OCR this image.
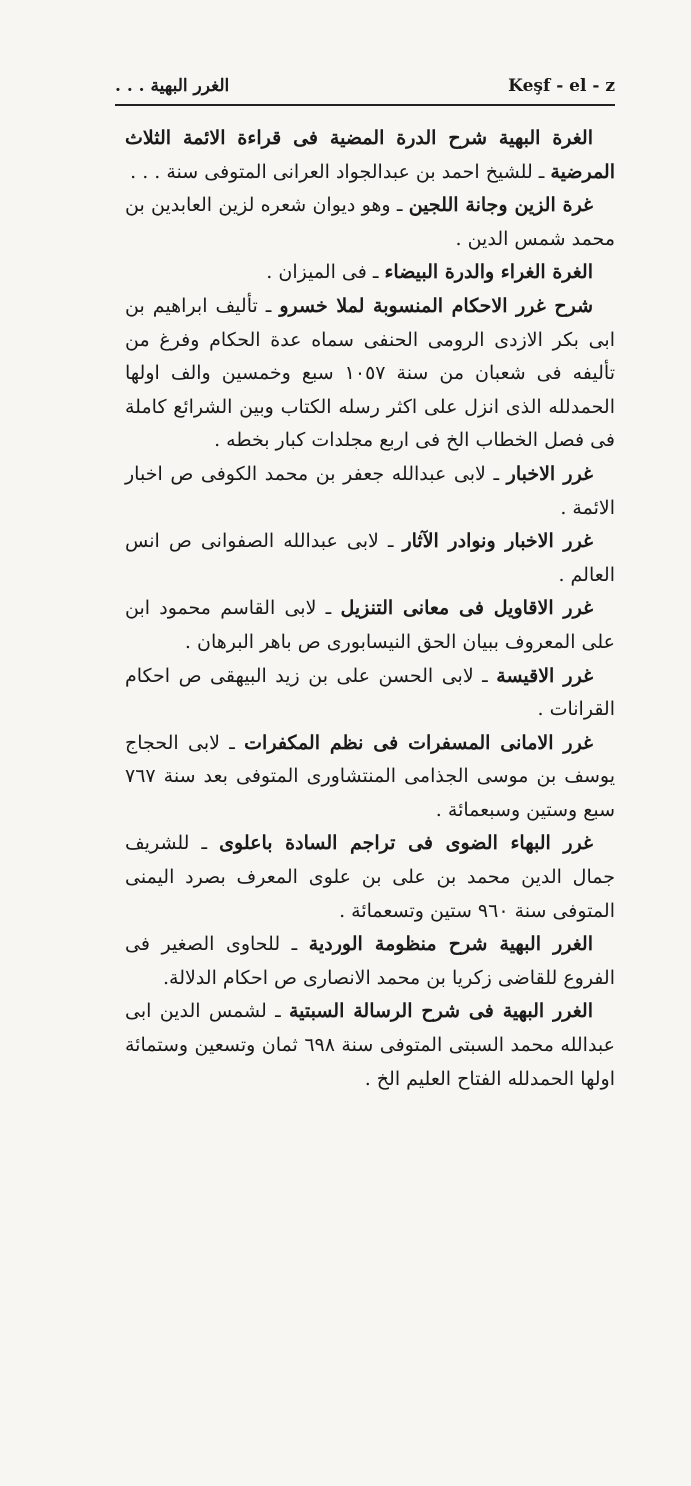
الغرر البهية . . .	Keşf - el - z

الغرة البهية شرح الدرة المضية فى قراءة الائمة الثلاث المرضية ـ للشيخ احمد بن عبدالجواد العرانى المتوفى سنة . . .

غرة الزين وجانة اللجين ـ وهو ديوان شعره لزين العابدين بن محمد شمس الدين .

الغرة الغراء والدرة البيضاء ـ فى الميزان .

شرح غرر الاحكام المنسوبة لملا خسرو ـ تأليف ابراهيم بن ابى بكر الازدى الرومى الحنفى سماه عدة الحكام وفرغ من تأليفه فى شعبان من سنة ١٠٥٧ سبع وخمسين والف اولها الحمدلله الذى انزل على اكثر رسله الكتاب وبين الشرائع كاملة فى فصل الخطاب الخ فى اربع مجلدات كبار بخطه .

غرر الاخبار ـ لابى عبدالله جعفر بن محمد الكوفى ص اخبار الائمة .

غرر الاخبار ونوادر الآثار ـ لابى عبدالله الصفوانى ص انس العالم .

غرر الاقاويل فى معانى التنزيل ـ لابى القاسم محمود ابن على المعروف ببيان الحق النيسابورى ص باهر البرهان .

غرر الاقيسة ـ لابى الحسن على بن زيد البيهقى ص احكام القرانات .

غرر الامانى المسفرات فى نظم المكفرات ـ لابى الحجاج يوسف بن موسى الجذامى المنتشاورى المتوفى بعد سنة ٧٦٧ سبع وستين وسبعمائة .

غرر البهاء الضوى فى تراجم السادة باعلوى ـ للشريف جمال الدين محمد بن على بن علوى المعرف بصرد اليمنى المتوفى سنة ٩٦٠ ستين وتسعمائة .

الغرر البهية شرح منظومة الوردية ـ للحاوى الصغير فى الفروع للقاضى زكريا بن محمد الانصارى ص احكام الدلالة.

الغرر البهية فى شرح الرسالة السبتية ـ لشمس الدين ابى عبدالله محمد السبتى المتوفى سنة ٦٩٨ ثمان وتسعين وستمائة اولها الحمدلله الفتاح العليم الخ .
